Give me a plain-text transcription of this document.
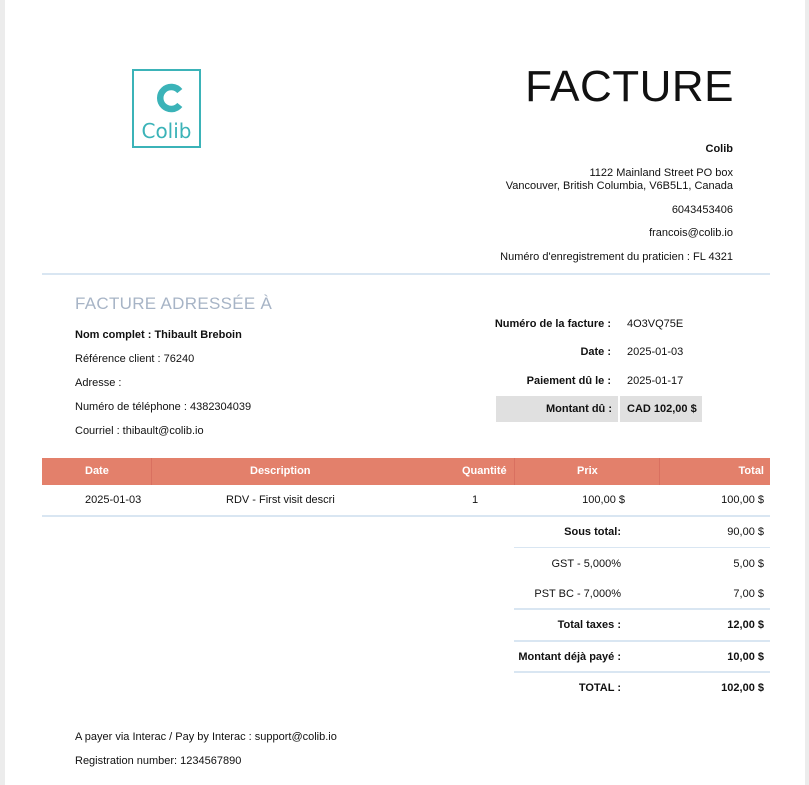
Colib
FACTURE
Colib
1122 Mainland Street PO box
Vancouver, British Columbia, V6B5L1, Canada
6043453406
francois@colib.io
Numéro d'enregistrement du praticien : FL 4321
FACTURE ADRESSÉE À
Nom complet : Thibault Breboin
Référence client : 76240
Adresse :
Numéro de téléphone : 4382304039
Courriel : thibault@colib.io
Numéro de la facture : 4O3VQ75E
Date : 2025-01-03
Paiement dû le : 2025-01-17
Montant dû : CAD 102,00 $
Date	Description	Quantité	Prix	Total
2025-01-03	RDV - First visit descri	1	100,00 $	100,00 $
Sous total:	90,00 $
GST - 5,000%	5,00 $
PST BC - 7,000%	7,00 $
Total taxes :	12,00 $
Montant déjà payé :	10,00 $
TOTAL :	102,00 $
A payer via Interac / Pay by Interac : support@colib.io
Registration number: 1234567890
